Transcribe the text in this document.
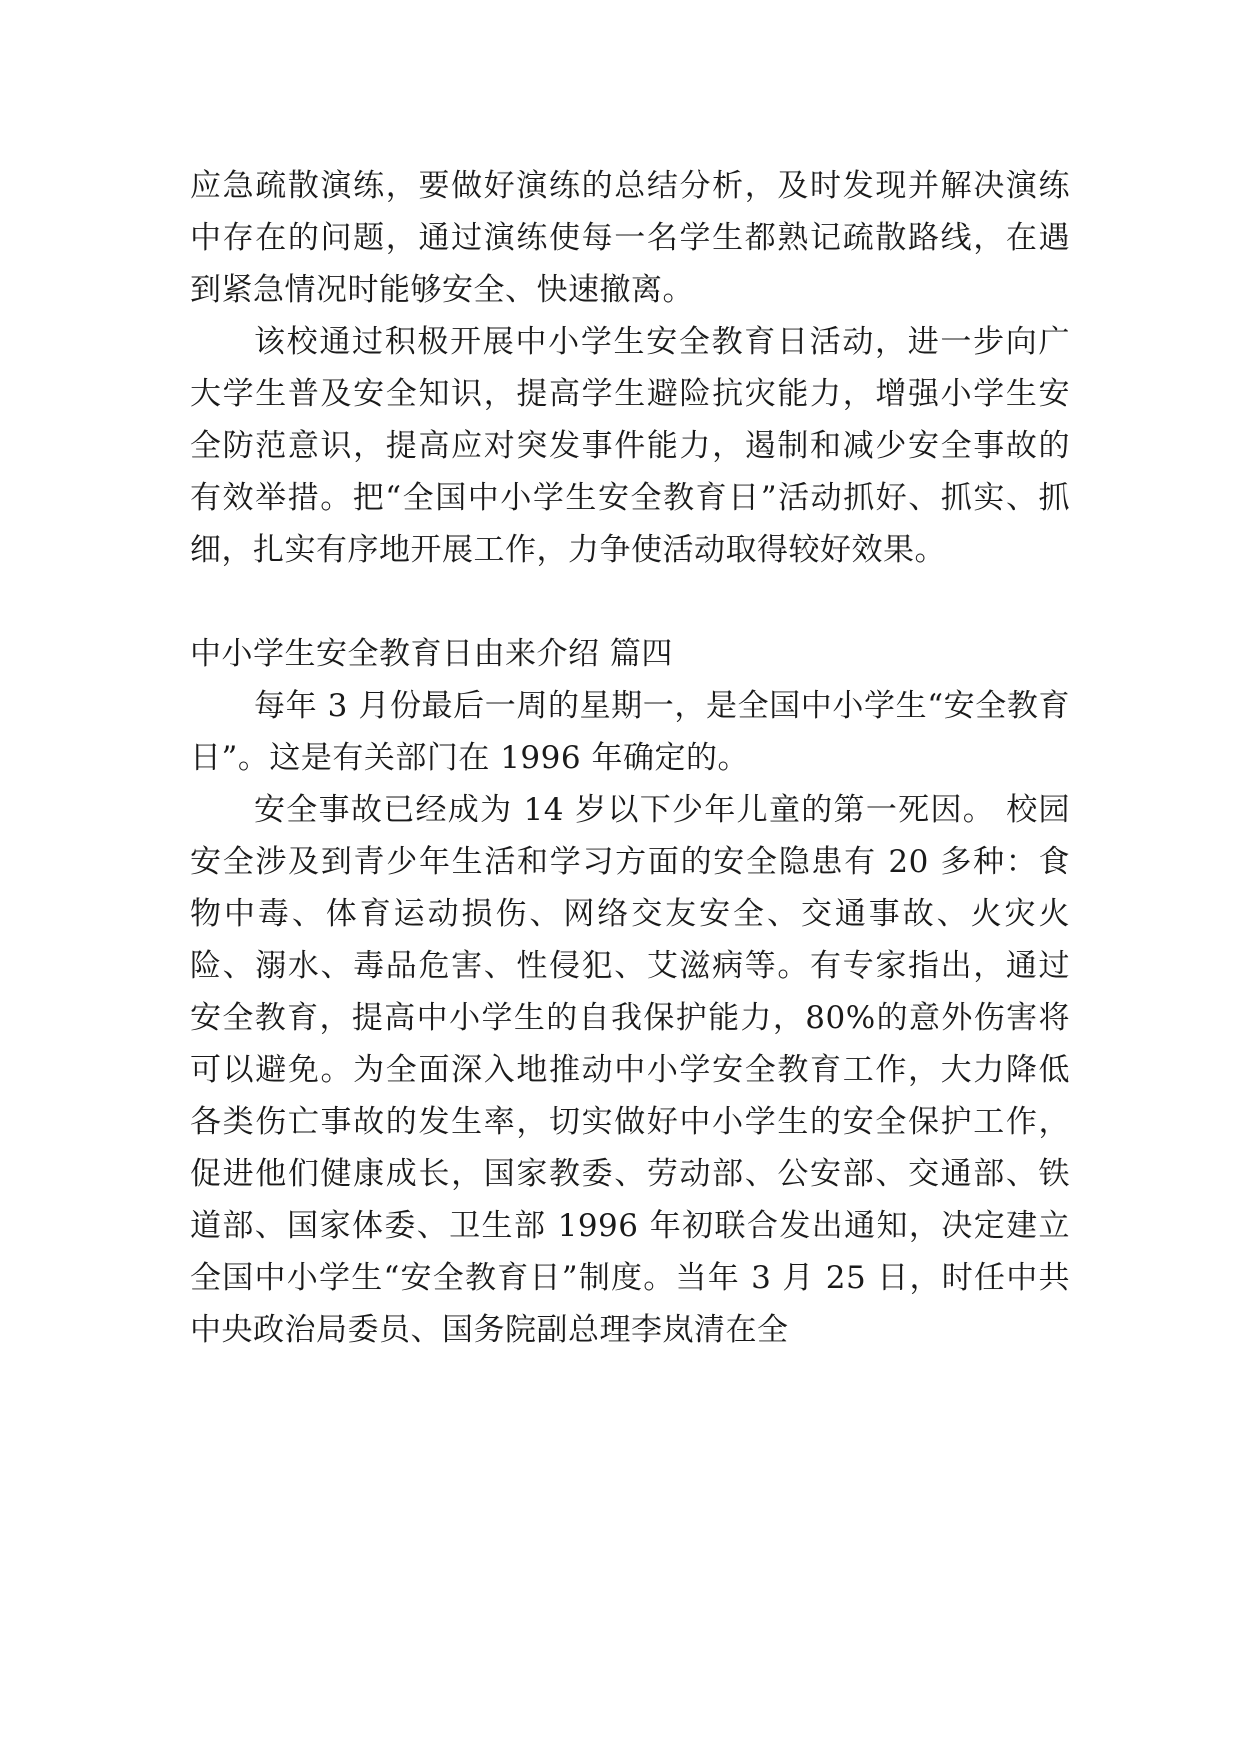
应急疏散演练，要做好演练的总结分析，及时发现并解决演练中存在的问题，通过演练使每一名学生都熟记疏散路线，在遇到紧急情况时能够安全、快速撤离。

该校通过积极开展中小学生安全教育日活动，进一步向广大学生普及安全知识，提高学生避险抗灾能力，增强小学生安全防范意识，提高应对突发事件能力，遏制和减少安全事故的有效举措。把“全国中小学生安全教育日”活动抓好、抓实、抓细，扎实有序地开展工作，力争使活动取得较好效果。

中小学生安全教育日由来介绍 篇四

每年 3 月份最后一周的星期一，是全国中小学生“安全教育日”。这是有关部门在 1996 年确定的。

安全事故已经成为 14 岁以下少年儿童的第一死因。 校园安全涉及到青少年生活和学习方面的安全隐患有 20 多种：食物中毒、体育运动损伤、网络交友安全、交通事故、火灾火险、溺水、毒品危害、性侵犯、艾滋病等。有专家指出，通过安全教育，提高中小学生的自我保护能力，80%的意外伤害将可以避免。为全面深入地推动中小学安全教育工作，大力降低各类伤亡事故的发生率，切实做好中小学生的安全保护工作，促进他们健康成长，国家教委、劳动部、公安部、交通部、铁道部、国家体委、卫生部 1996 年初联合发出通知，决定建立全国中小学生“安全教育日”制度。当年 3 月 25 日，时任中共中央政治局委员、国务院副总理李岚清在全
